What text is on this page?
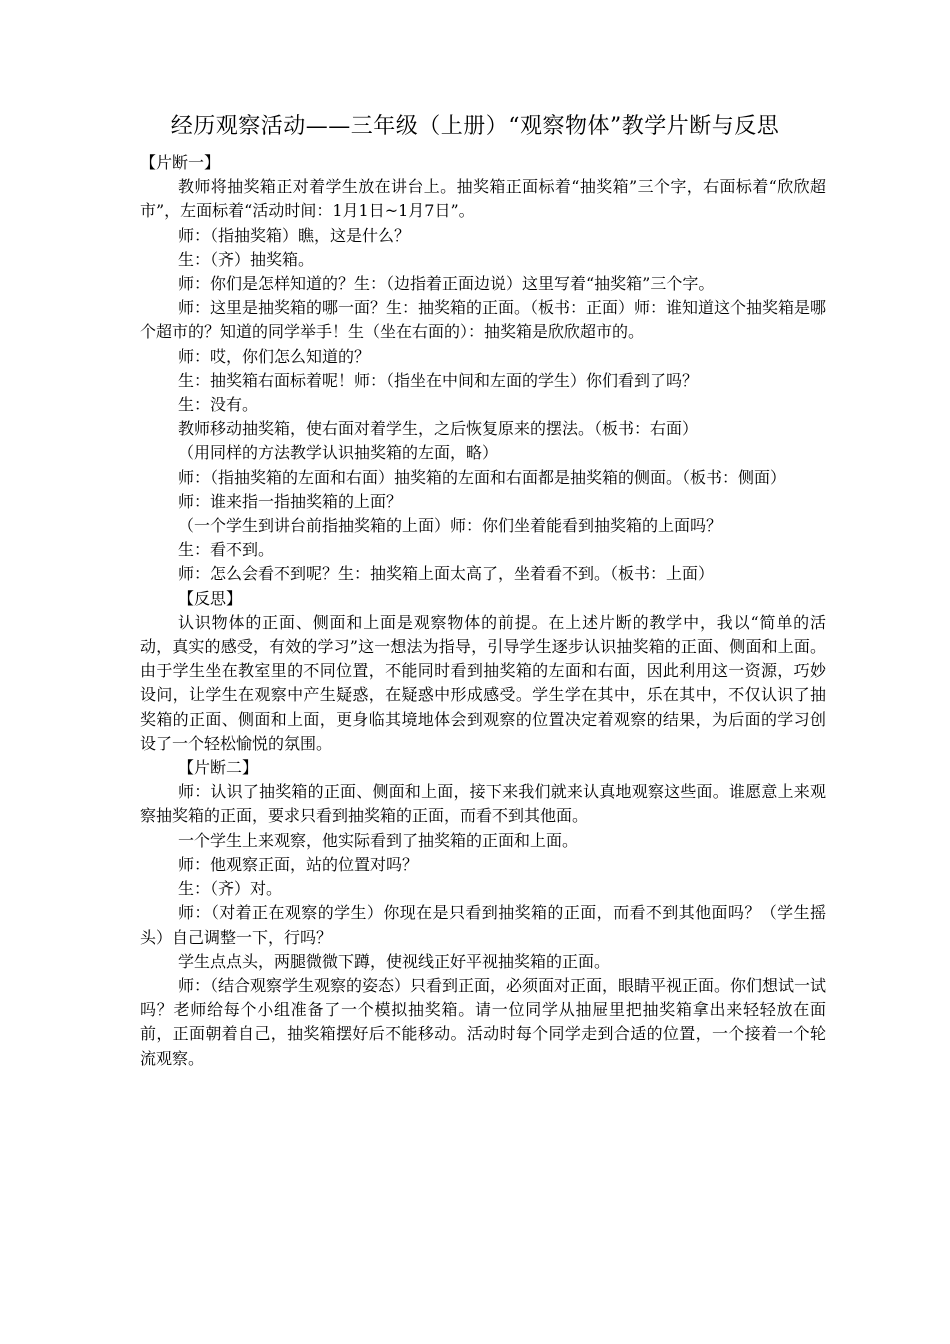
经历观察活动——三年级（上册）“观察物体”教学片断与反思

【片断一】

教师将抽奖箱正对着学生放在讲台上。抽奖箱正面标着“抽奖箱”三个字，右面标着“欣欣超市”，左面标着“活动时间：1月1日~1月7日”。

师：（指抽奖箱）瞧，这是什么？

生：（齐）抽奖箱。

师：你们是怎样知道的？生：（边指着正面边说）这里写着“抽奖箱”三个字。

师：这里是抽奖箱的哪一面？生：抽奖箱的正面。（板书：正面）师：谁知道这个抽奖箱是哪个超市的？知道的同学举手！生（坐在右面的）：抽奖箱是欣欣超市的。

师：哎，你们怎么知道的？

生：抽奖箱右面标着呢！师：（指坐在中间和左面的学生）你们看到了吗？

生：没有。

教师移动抽奖箱，使右面对着学生，之后恢复原来的摆法。（板书：右面）

（用同样的方法教学认识抽奖箱的左面，略）

师：（指抽奖箱的左面和右面）抽奖箱的左面和右面都是抽奖箱的侧面。（板书：侧面）

师：谁来指一指抽奖箱的上面？

（一个学生到讲台前指抽奖箱的上面）师：你们坐着能看到抽奖箱的上面吗？

生：看不到。

师：怎么会看不到呢？生：抽奖箱上面太高了，坐着看不到。（板书：上面）

【反思】

认识物体的正面、侧面和上面是观察物体的前提。在上述片断的教学中，我以“简单的活动，真实的感受，有效的学习”这一想法为指导，引导学生逐步认识抽奖箱的正面、侧面和上面。由于学生坐在教室里的不同位置，不能同时看到抽奖箱的左面和右面，因此利用这一资源，巧妙设问，让学生在观察中产生疑惑，在疑惑中形成感受。学生学在其中，乐在其中，不仅认识了抽奖箱的正面、侧面和上面，更身临其境地体会到观察的位置决定着观察的结果，为后面的学习创设了一个轻松愉悦的氛围。

【片断二】

师：认识了抽奖箱的正面、侧面和上面，接下来我们就来认真地观察这些面。谁愿意上来观察抽奖箱的正面，要求只看到抽奖箱的正面，而看不到其他面。

一个学生上来观察，他实际看到了抽奖箱的正面和上面。

师：他观察正面，站的位置对吗？

生：（齐）对。

师：（对着正在观察的学生）你现在是只看到抽奖箱的正面，而看不到其他面吗？（学生摇头）自己调整一下，行吗？

学生点点头，两腿微微下蹲，使视线正好平视抽奖箱的正面。

师：（结合观察学生观察的姿态）只看到正面，必须面对正面，眼睛平视正面。你们想试一试吗？老师给每个小组准备了一个模拟抽奖箱。请一位同学从抽屉里把抽奖箱拿出来轻轻放在面前，正面朝着自己，抽奖箱摆好后不能移动。活动时每个同学走到合适的位置，一个接着一个轮流观察。
